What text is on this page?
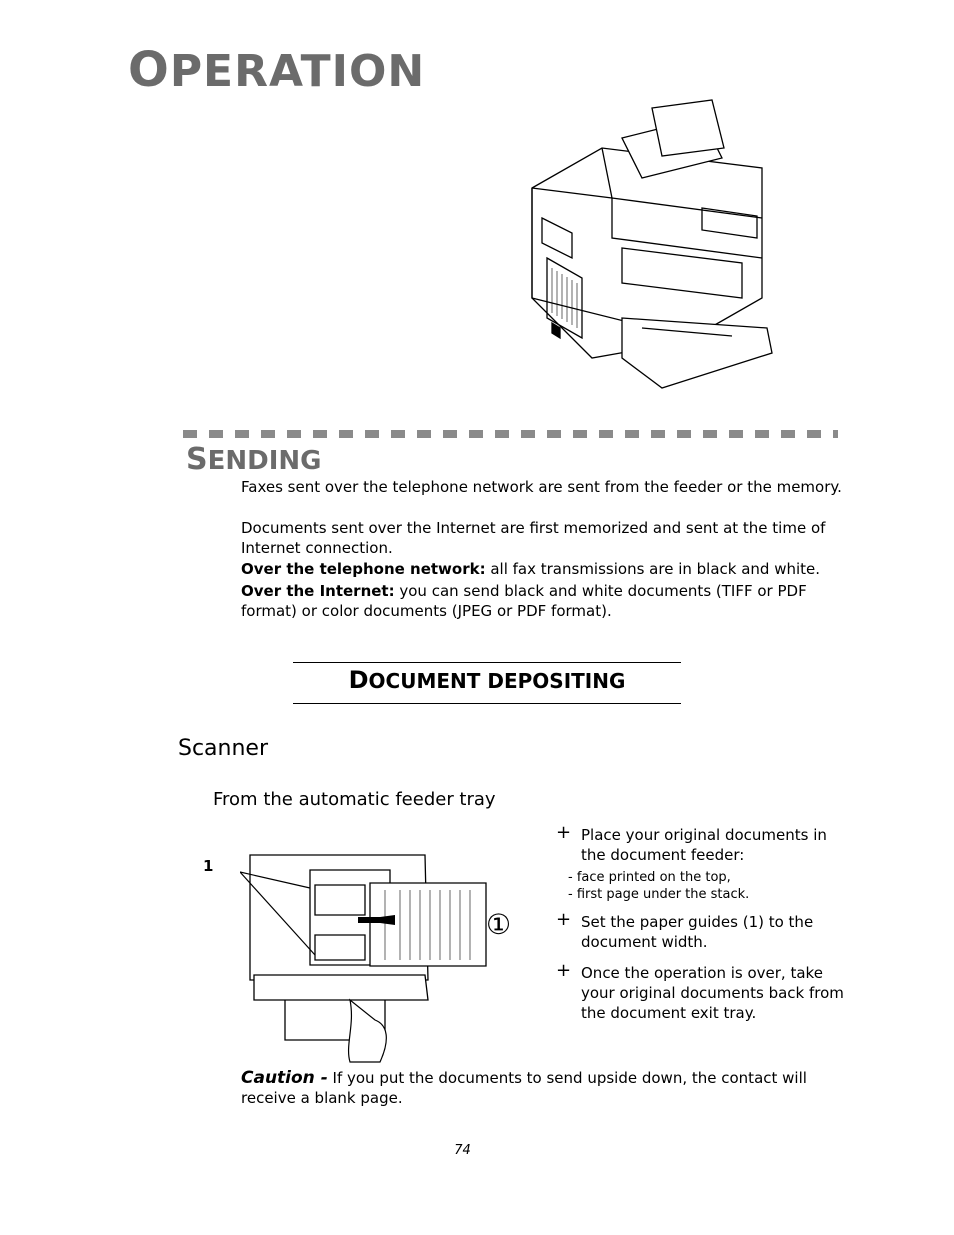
OPERATION
SENDING
Faxes sent over the telephone network are sent from the feeder or the memory.
Documents sent over the Internet are first memorized and sent at the time of Internet connection.
Over the telephone network: all fax transmissions are in black and white.
Over the Internet: you can send black and white documents (TIFF or PDF format) or color documents (JPEG or PDF format).
DOCUMENT DEPOSITING
Scanner
From the automatic feeder tray
①
1
+ Place your original documents in the document feeder:
- face printed on the top,
- first page under the stack.
+ Set the paper guides (1) to the document width.
+ Once the operation is over, take your original documents back from the document exit tray.
Caution - If you put the documents to send upside down, the contact will receive a blank page.
74
